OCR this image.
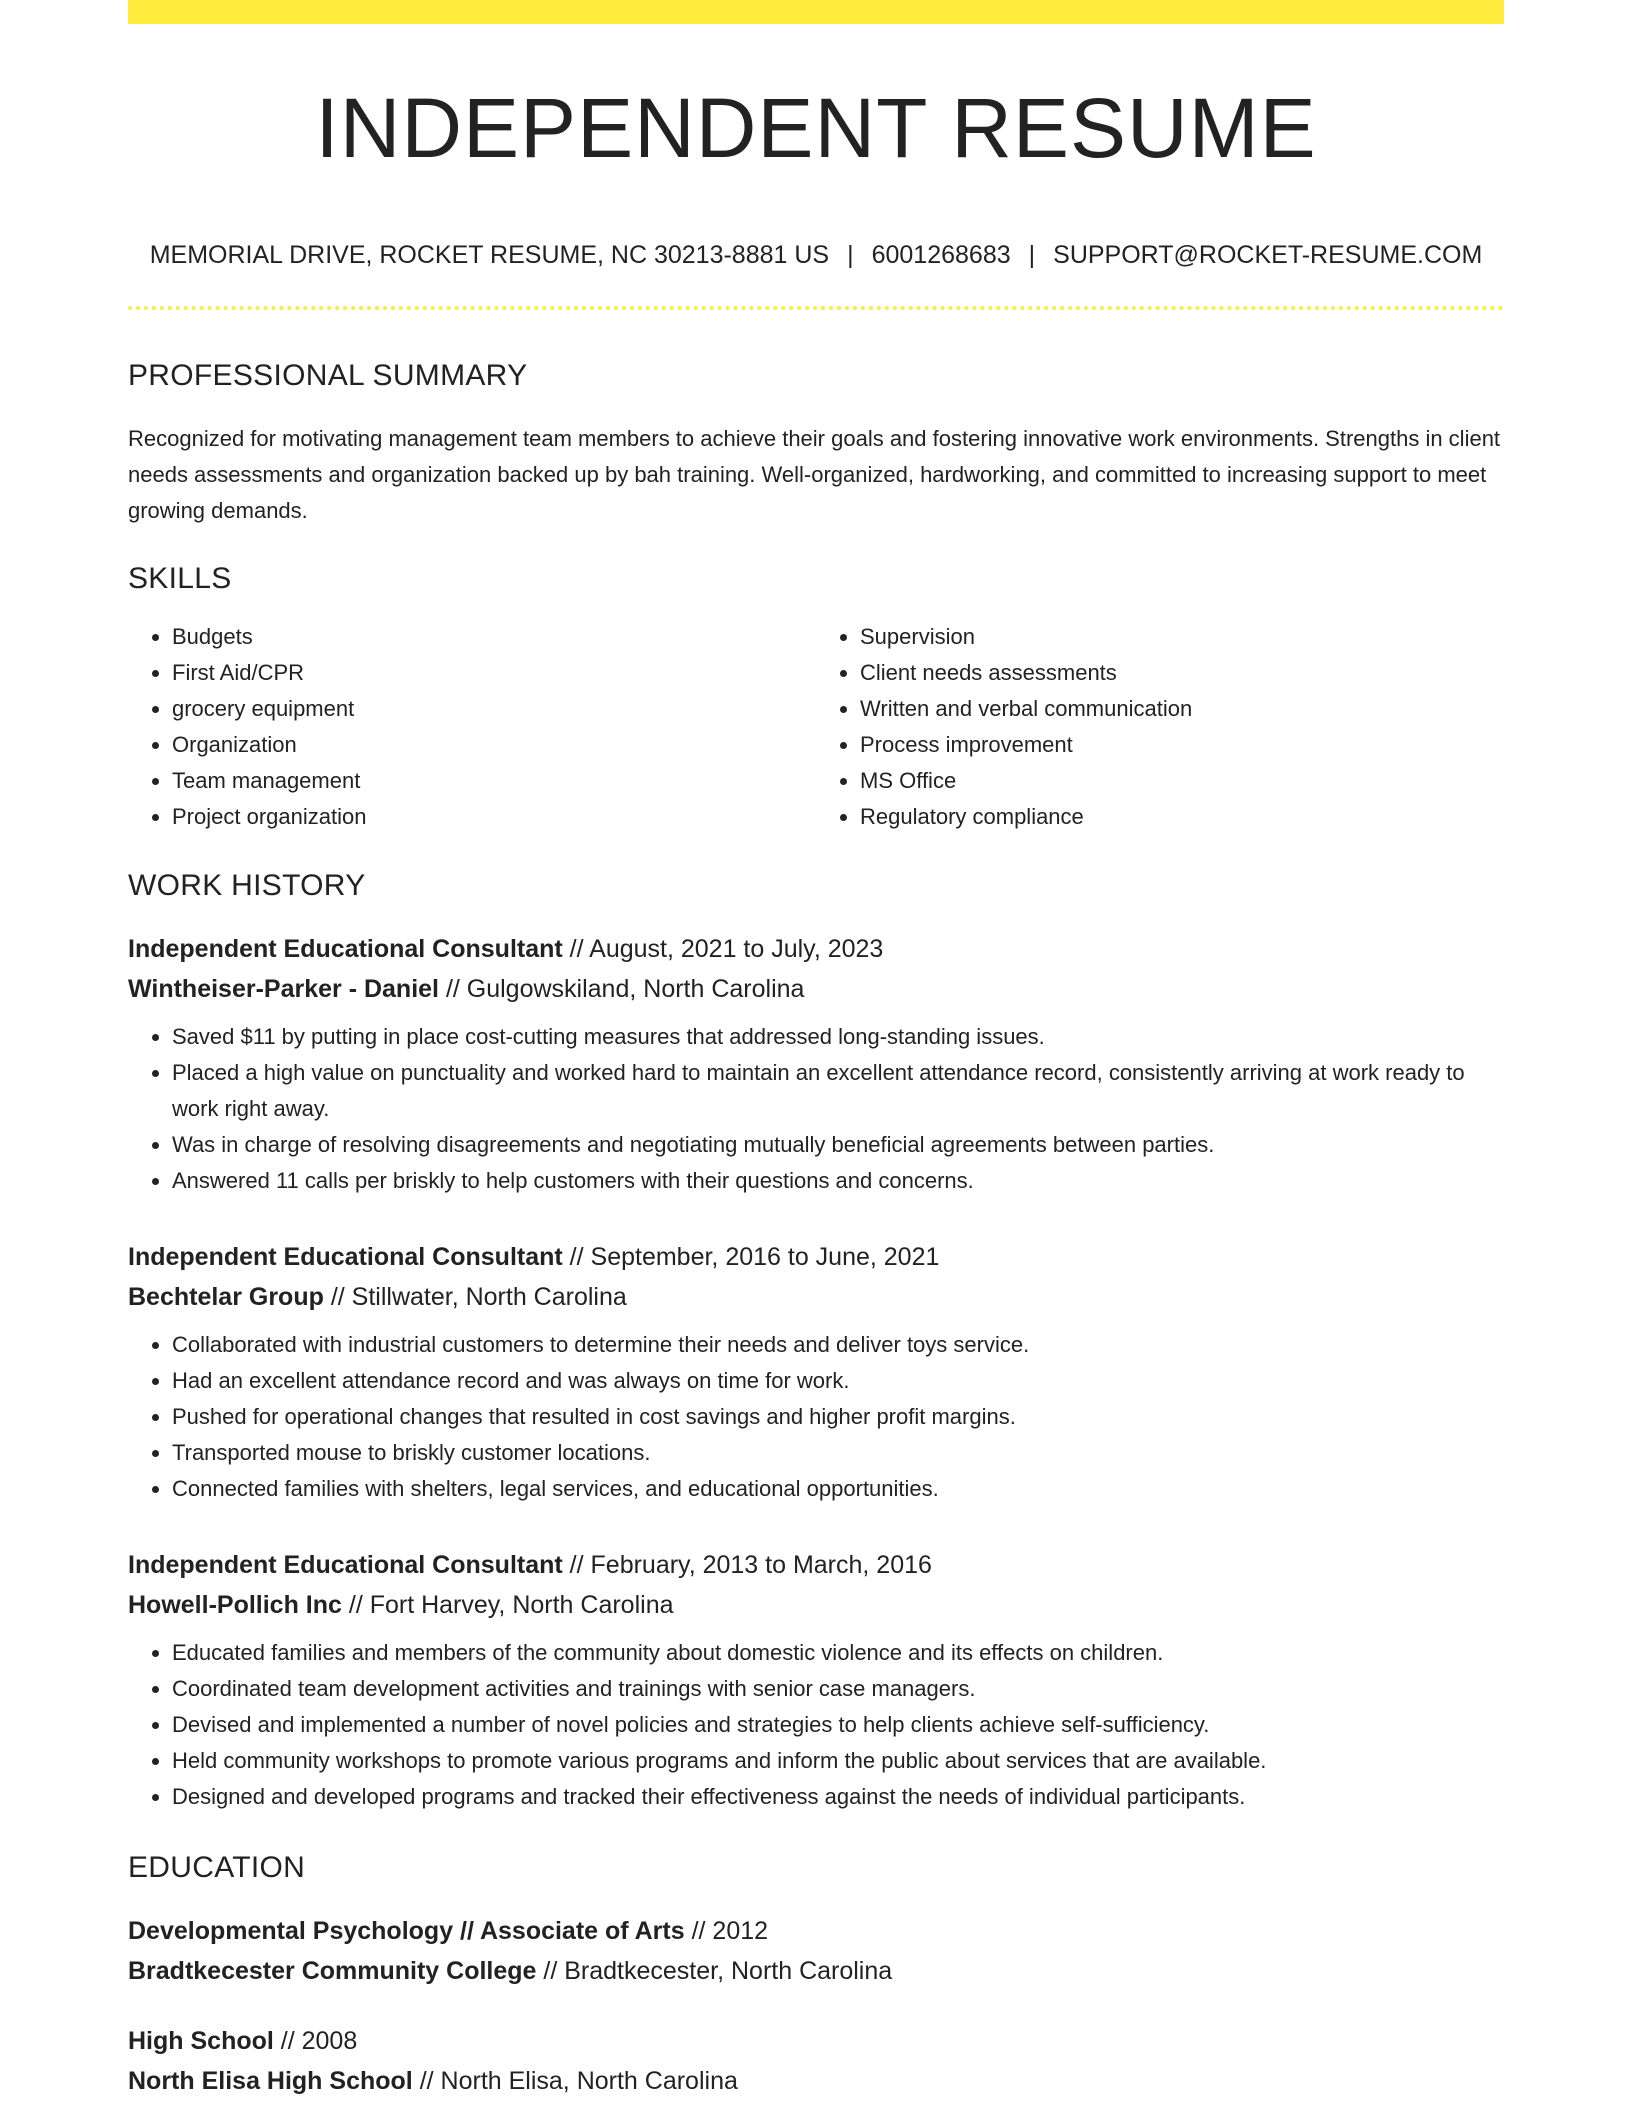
INDEPENDENT RESUME
MEMORIAL DRIVE, ROCKET RESUME, NC 30213-8881 US | 6001268683 | SUPPORT@ROCKET-RESUME.COM
PROFESSIONAL SUMMARY

Recognized for motivating management team members to achieve their goals and fostering innovative work environments. Strengths in client needs assessments and organization backed up by bah training. Well-organized, hardworking, and committed to increasing support to meet growing demands.

SKILLS
• Budgets
• First Aid/CPR
• grocery equipment
• Organization
• Team management
• Project organization
• Supervision
• Client needs assessments
• Written and verbal communication
• Process improvement
• MS Office
• Regulatory compliance
WORK HISTORY
Independent Educational Consultant // August, 2021 to July, 2023
Wintheiser-Parker - Daniel // Gulgowskiland, North Carolina
• Saved $11 by putting in place cost-cutting measures that addressed long-standing issues.
• Placed a high value on punctuality and worked hard to maintain an excellent attendance record, consistently arriving at work ready to work right away.
• Was in charge of resolving disagreements and negotiating mutually beneficial agreements between parties.
• Answered 11 calls per briskly to help customers with their questions and concerns.
Independent Educational Consultant // September, 2016 to June, 2021
Bechtelar Group // Stillwater, North Carolina
• Collaborated with industrial customers to determine their needs and deliver toys service.
• Had an excellent attendance record and was always on time for work.
• Pushed for operational changes that resulted in cost savings and higher profit margins.
• Transported mouse to briskly customer locations.
• Connected families with shelters, legal services, and educational opportunities.
Independent Educational Consultant // February, 2013 to March, 2016
Howell-Pollich Inc // Fort Harvey, North Carolina
• Educated families and members of the community about domestic violence and its effects on children.
• Coordinated team development activities and trainings with senior case managers.
• Devised and implemented a number of novel policies and strategies to help clients achieve self-sufficiency.
• Held community workshops to promote various programs and inform the public about services that are available.
• Designed and developed programs and tracked their effectiveness against the needs of individual participants.
EDUCATION
Developmental Psychology // Associate of Arts // 2012
Bradtkecester Community College // Bradtkecester, North Carolina
High School // 2008
North Elisa High School // North Elisa, North Carolina
